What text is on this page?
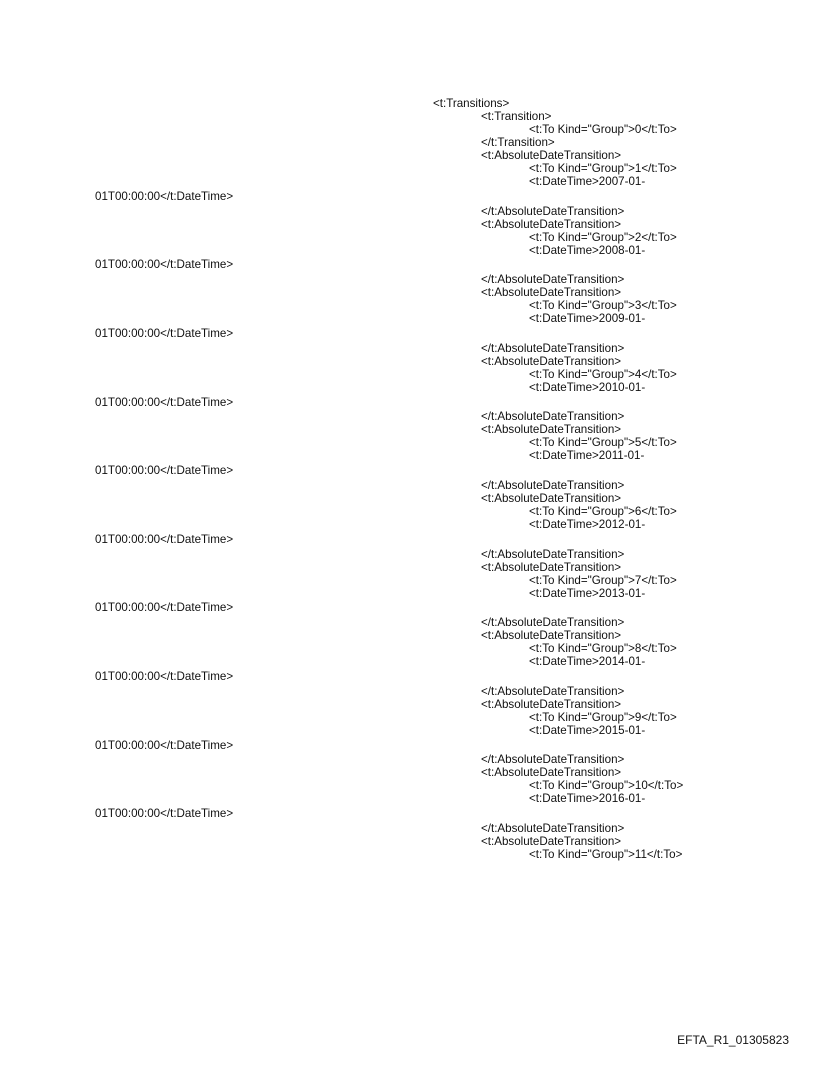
<t:Transitions>
<t:Transition>
<t:To Kind="Group">0</t:To>
</t:Transition>
<t:AbsoluteDateTransition>
<t:To Kind="Group">1</t:To>
<t:DateTime>2007-01-
01T00:00:00</t:DateTime>
</t:AbsoluteDateTransition>
<t:AbsoluteDateTransition>
<t:To Kind="Group">2</t:To>
<t:DateTime>2008-01-
01T00:00:00</t:DateTime>
</t:AbsoluteDateTransition>
<t:AbsoluteDateTransition>
<t:To Kind="Group">3</t:To>
<t:DateTime>2009-01-
01T00:00:00</t:DateTime>
</t:AbsoluteDateTransition>
<t:AbsoluteDateTransition>
<t:To Kind="Group">4</t:To>
<t:DateTime>2010-01-
01T00:00:00</t:DateTime>
</t:AbsoluteDateTransition>
<t:AbsoluteDateTransition>
<t:To Kind="Group">5</t:To>
<t:DateTime>2011-01-
01T00:00:00</t:DateTime>
</t:AbsoluteDateTransition>
<t:AbsoluteDateTransition>
<t:To Kind="Group">6</t:To>
<t:DateTime>2012-01-
01T00:00:00</t:DateTime>
</t:AbsoluteDateTransition>
<t:AbsoluteDateTransition>
<t:To Kind="Group">7</t:To>
<t:DateTime>2013-01-
01T00:00:00</t:DateTime>
</t:AbsoluteDateTransition>
<t:AbsoluteDateTransition>
<t:To Kind="Group">8</t:To>
<t:DateTime>2014-01-
01T00:00:00</t:DateTime>
</t:AbsoluteDateTransition>
<t:AbsoluteDateTransition>
<t:To Kind="Group">9</t:To>
<t:DateTime>2015-01-
01T00:00:00</t:DateTime>
</t:AbsoluteDateTransition>
<t:AbsoluteDateTransition>
<t:To Kind="Group">10</t:To>
<t:DateTime>2016-01-
01T00:00:00</t:DateTime>
</t:AbsoluteDateTransition>
<t:AbsoluteDateTransition>
<t:To Kind="Group">11</t:To>
EFTA_R1_01305823
